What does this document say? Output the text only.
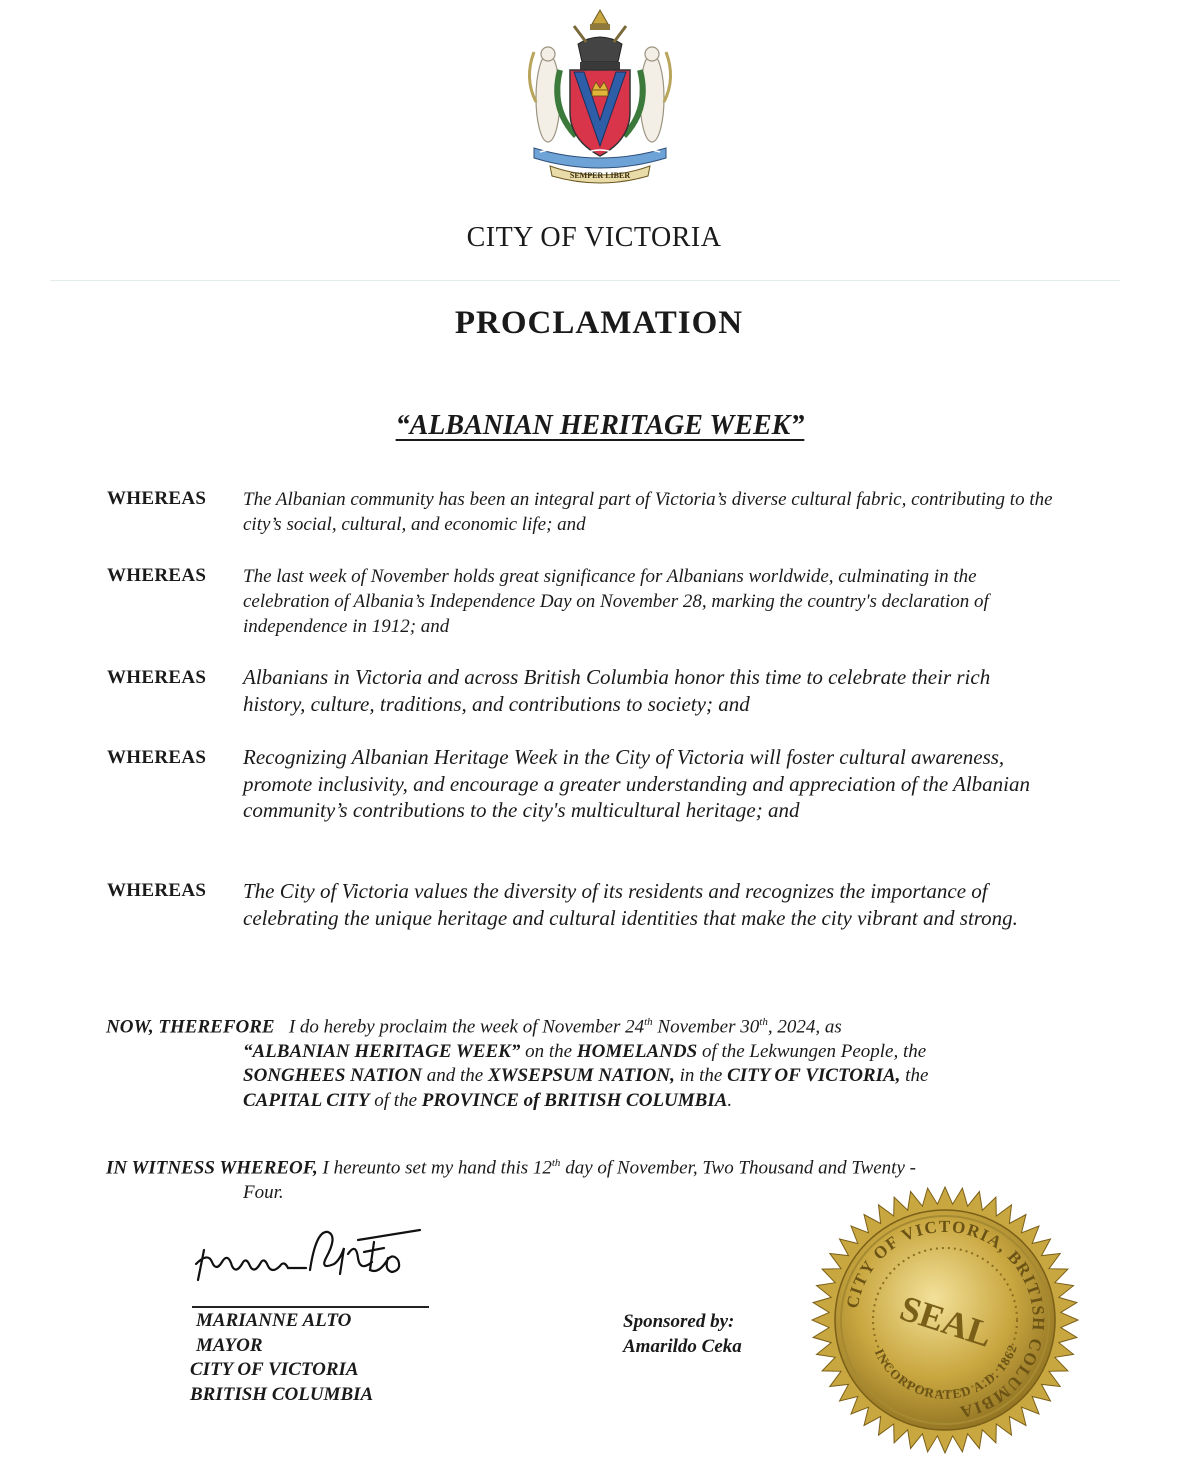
SEMPER LIBER
CITY OF VICTORIA
PROCLAMATION
“ALBANIAN HERITAGE WEEK”
WHEREAS The Albanian community has been an integral part of Victoria’s diverse cultural fabric, contributing to the city’s social, cultural, and economic life; and
WHEREAS The last week of November holds great significance for Albanians worldwide, culminating in the celebration of Albania’s Independence Day on November 28, marking the country's declaration of independence in 1912; and
WHEREAS Albanians in Victoria and across British Columbia honor this time to celebrate their rich history, culture, traditions, and contributions to society; and
WHEREAS Recognizing Albanian Heritage Week in the City of Victoria will foster cultural awareness, promote inclusivity, and encourage a greater understanding and appreciation of the Albanian community’s contributions to the city's multicultural heritage; and
WHEREAS The City of Victoria values the diversity of its residents and recognizes the importance of celebrating the unique heritage and cultural identities that make the city vibrant and strong.
NOW, THEREFORE I do hereby proclaim the week of November 24th November 30th, 2024, as
“ALBANIAN HERITAGE WEEK” on the HOMELANDS of the Lekwungen People, the
SONGHEES NATION and the XWSEPSUM NATION, in the CITY OF VICTORIA, the
CAPITAL CITY of the PROVINCE of BRITISH COLUMBIA.
IN WITNESS WHEREOF, I hereunto set my hand this 12th day of November, Two Thousand and Twenty -
Four.
MARIANNE ALTO
MAYOR
CITY OF VICTORIA
BRITISH COLUMBIA
Sponsored by:
Amarildo Ceka
CITY OF VICTORIA, BRITISH COLUMBIA
INCORPORATED A.D. 1862
SEAL
